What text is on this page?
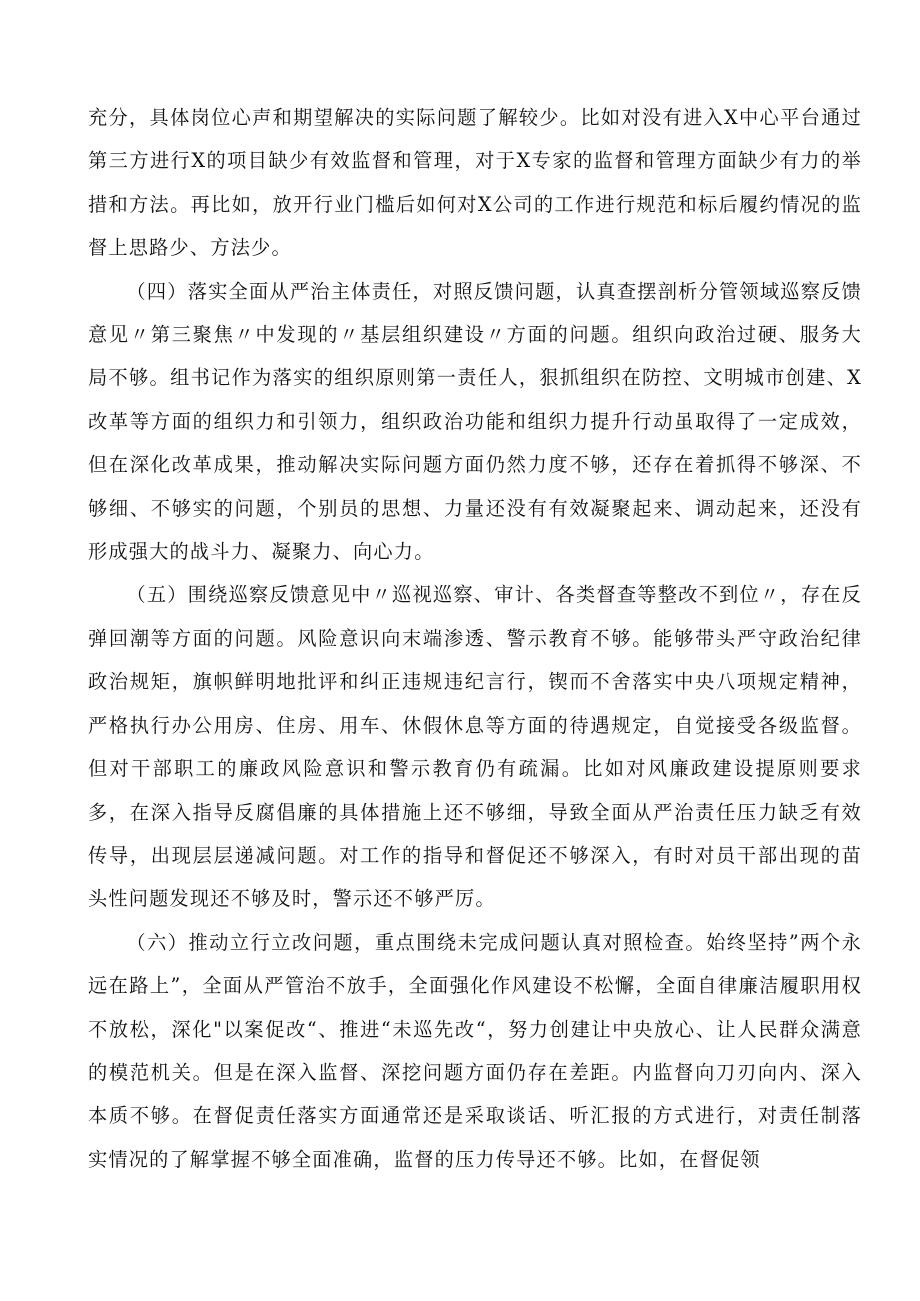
充分，具体岗位心声和期望解决的实际问题了解较少。比如对没有进入X中心平台通过第三方进行X的项目缺少有效监督和管理，对于X专家的监督和管理方面缺少有力的举措和方法。再比如，放开行业门槛后如何对X公司的工作进行规范和标后履约情况的监督上思路少、方法少。

（四）落实全面从严治主体责任，对照反馈问题，认真查摆剖析分管领域巡察反馈意见〃第三聚焦〃中发现的〃基层组织建设〃方面的问题。组织向政治过硬、服务大局不够。组书记作为落实的组织原则第一责任人，狠抓组织在防控、文明城市创建、X改革等方面的组织力和引领力，组织政治功能和组织力提升行动虽取得了一定成效，但在深化改革成果，推动解决实际问题方面仍然力度不够，还存在着抓得不够深、不够细、不够实的问题，个别员的思想、力量还没有有效凝聚起来、调动起来，还没有形成强大的战斗力、凝聚力、向心力。

（五）围绕巡察反馈意见中〃巡视巡察、审计、各类督查等整改不到位〃，存在反弹回潮等方面的问题。风险意识向末端渗透、警示教育不够。能够带头严守政治纪律政治规矩，旗帜鲜明地批评和纠正违规违纪言行，锲而不舍落实中央八项规定精神，严格执行办公用房、住房、用车、休假休息等方面的待遇规定，自觉接受各级监督。但对干部职工的廉政风险意识和警示教育仍有疏漏。比如对风廉政建设提原则要求多，在深入指导反腐倡廉的具体措施上还不够细，导致全面从严治责任压力缺乏有效传导，出现层层递减问题。对工作的指导和督促还不够深入，有时对员干部出现的苗头性问题发现还不够及时，警示还不够严厉。

（六）推动立行立改问题，重点围绕未完成问题认真对照检查。始终坚持”两个永远在路上”，全面从严管治不放手，全面强化作风建设不松懈，全面自律廉洁履职用权不放松，深化"以案促改“、推进“未巡先改“，努力创建让中央放心、让人民群众满意的模范机关。但是在深入监督、深挖问题方面仍存在差距。内监督向刀刃向内、深入本质不够。在督促责任落实方面通常还是采取谈话、听汇报的方式进行，对责任制落实情况的了解掌握不够全面准确，监督的压力传导还不够。比如，在督促领
